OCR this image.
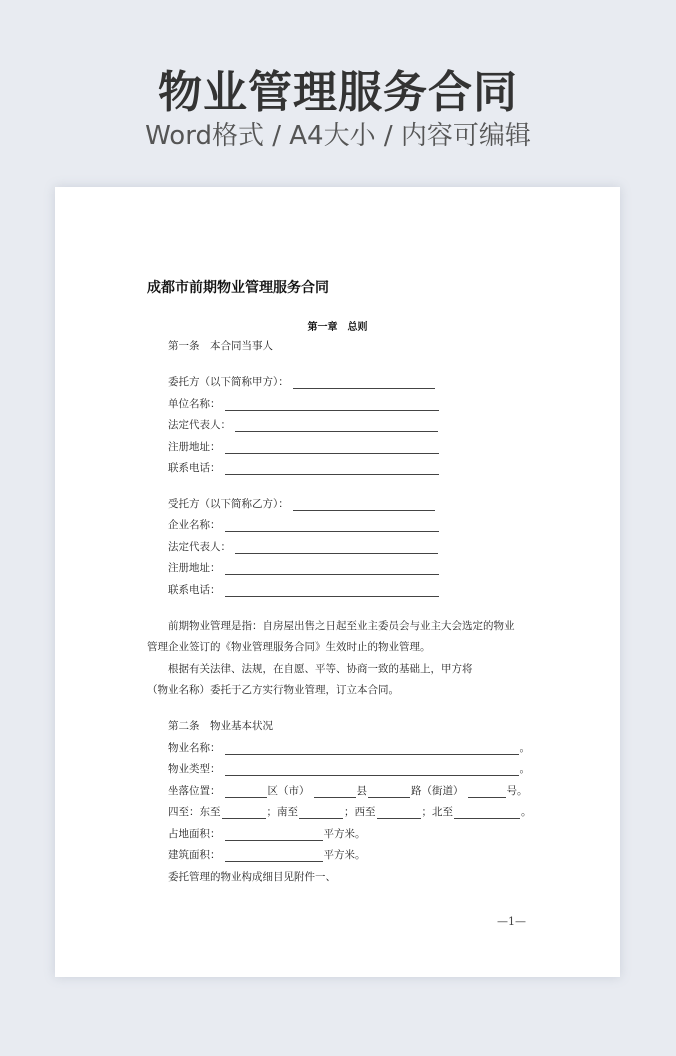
物业管理服务合同
Word格式 / A4大小 / 内容可编辑
成都市前期物业管理服务合同
第一章　总则
第一条　本合同当事人
委托方（以下简称甲方）：
单位名称：
法定代表人：
注册地址：
联系电话：
受托方（以下简称乙方）：
企业名称：
法定代表人：
注册地址：
联系电话：
前期物业管理是指：自房屋出售之日起至业主委员会与业主大会选定的物业
管理企业签订的《物业管理服务合同》生效时止的物业管理。
根据有关法律、法规，在自愿、平等、协商一致的基础上，甲方将
（物业名称）委托于乙方实行物业管理，订立本合同。
第二条　物业基本状况
物业名称：	。
物业类型：	。
坐落位置：	区（市）	县	路（街道）	号。
四至：东至	；南至	；西至	；北至	。
占地面积：	平方米。
建筑面积：	平方米。
委托管理的物业构成细目见附件一、
—1—
